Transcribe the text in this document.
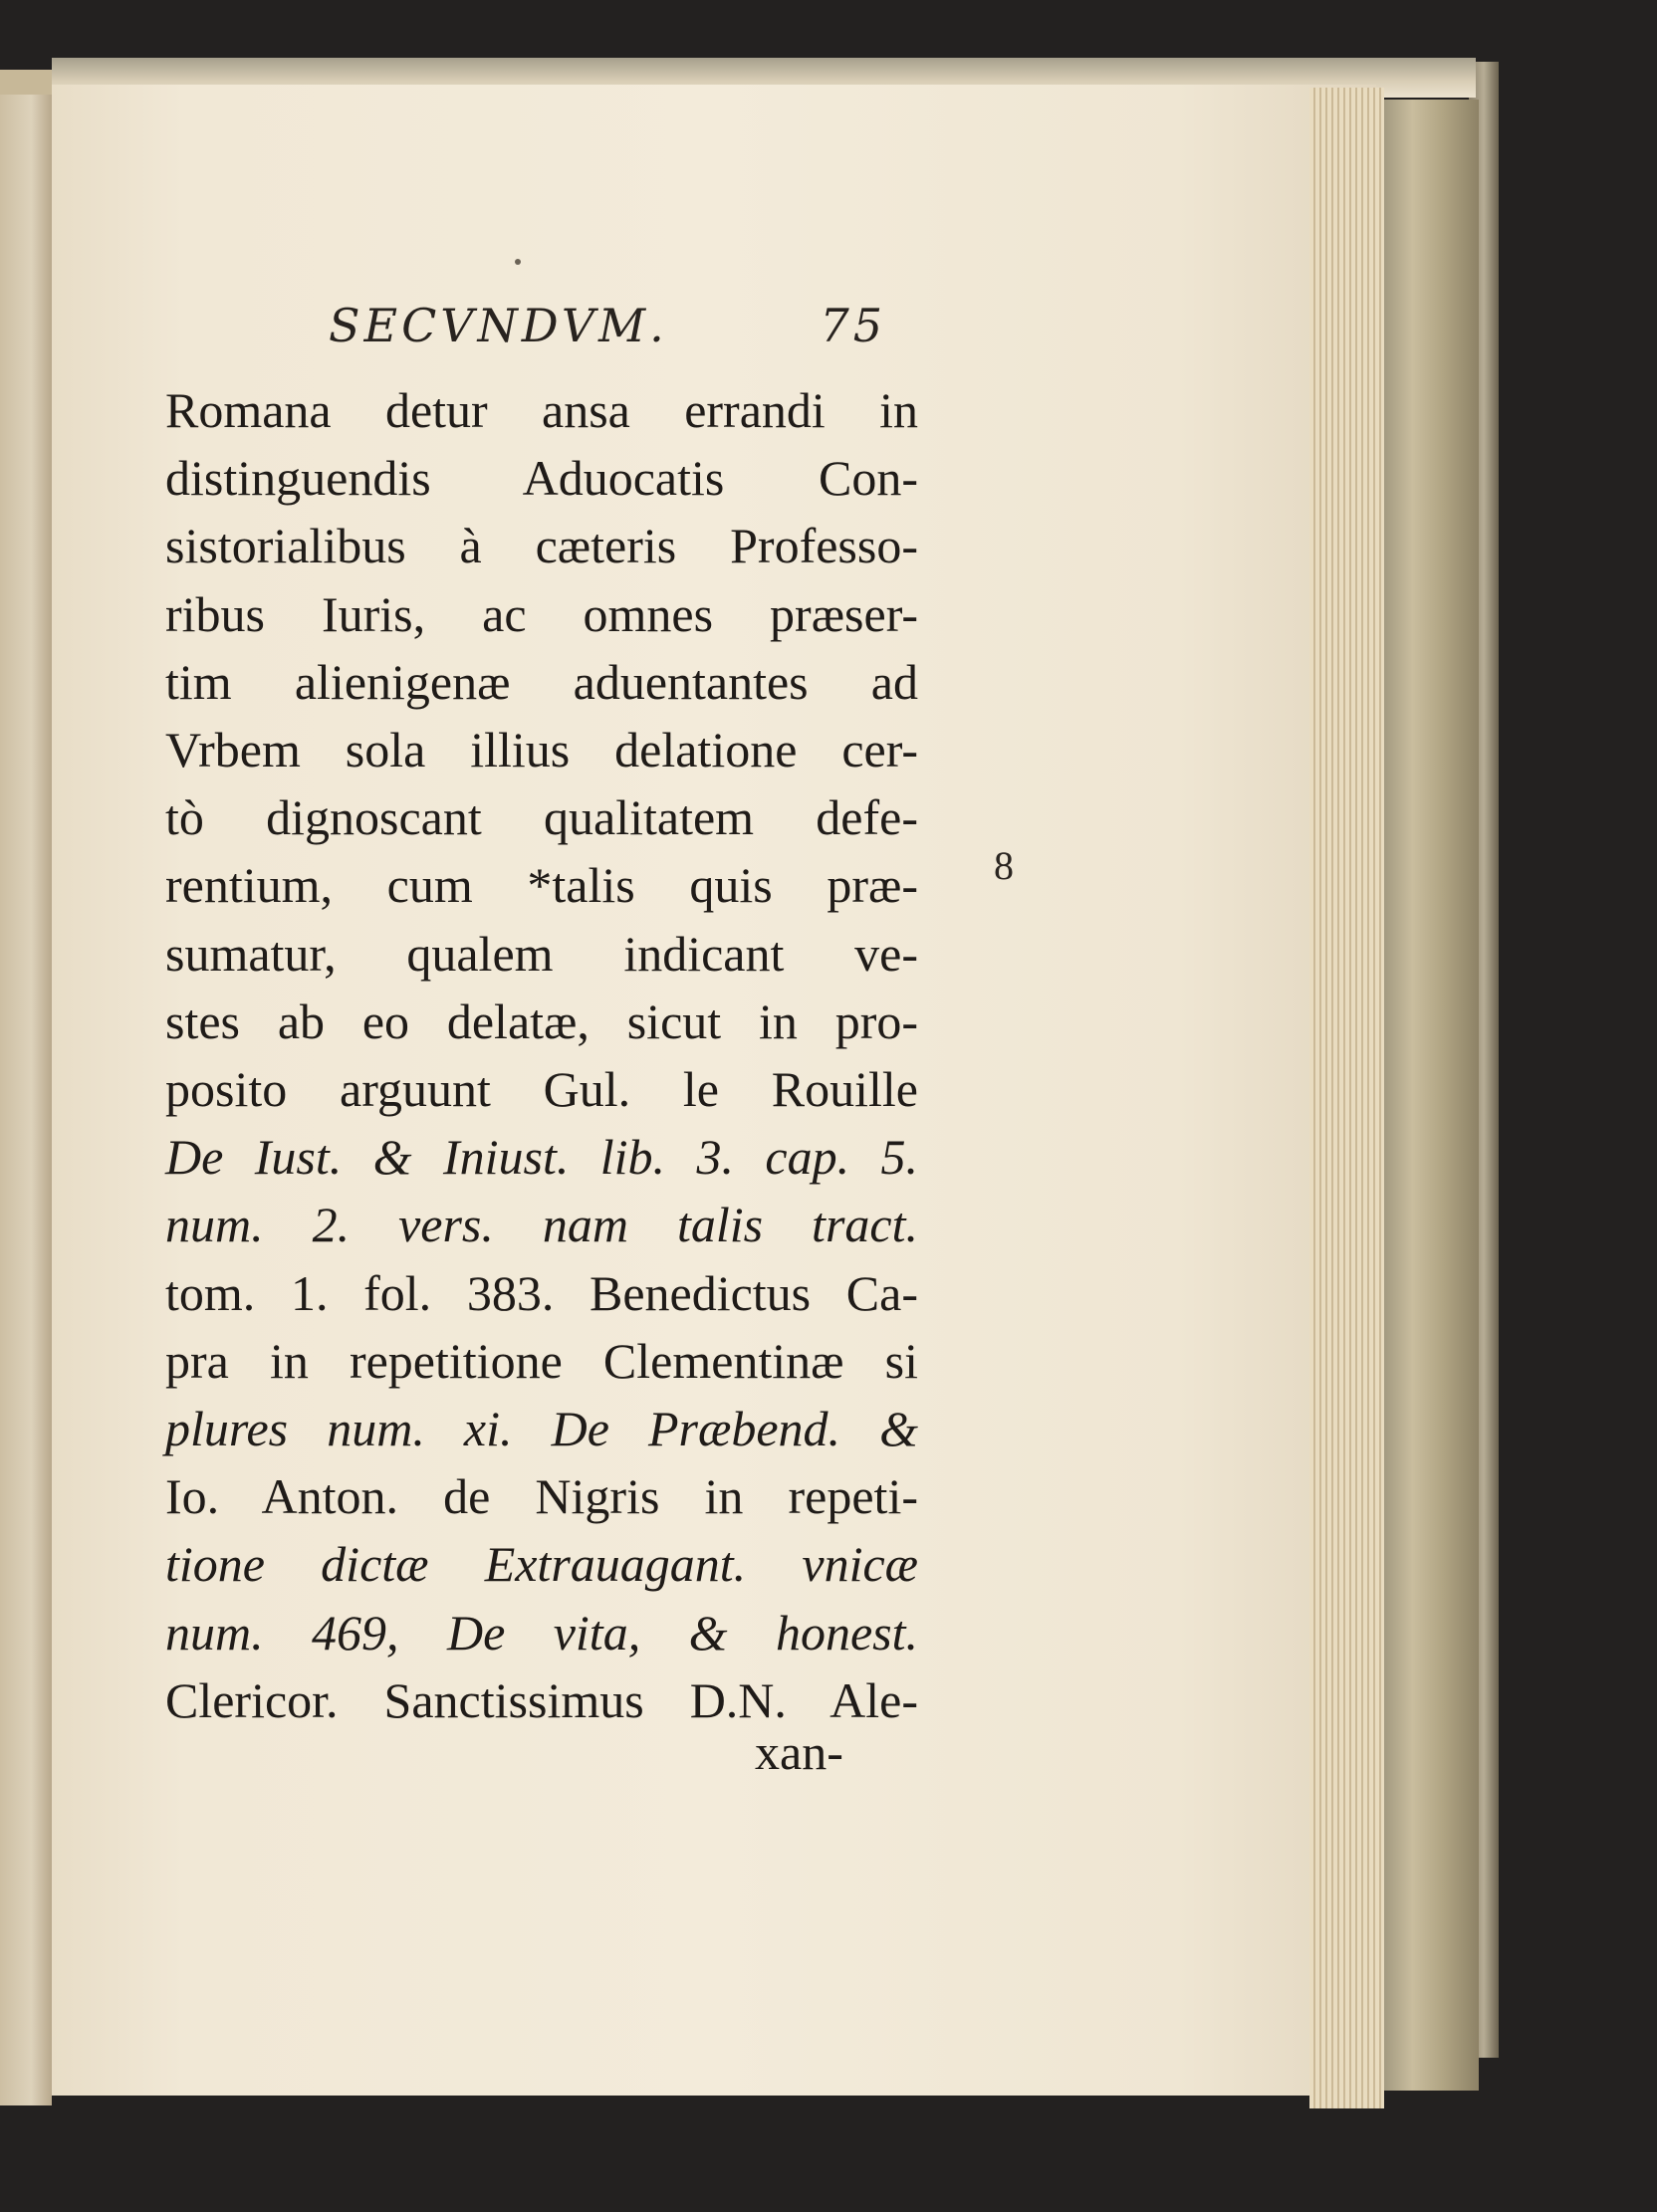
SECVNDVM.	75
Romana detur ansa errandi in
distinguendis Aduocatis Con-
sistorialibus à cæteris Professo-
ribus Iuris, ac omnes præser-
tim alienigenæ aduentantes ad
Vrbem sola illius delatione cer-
tò dignoscant qualitatem defe-
rentium, cum *talis quis præ-
sumatur, qualem indicant ve-
stes ab eo delatæ, sicut in pro-
posito arguunt Gul. le Rouille
De Iust. & Iniust. lib. 3. cap. 5.
num. 2. vers. nam talis tract.
tom. 1. fol. 383. Benedictus Ca-
pra in repetitione Clementinæ si
plures num. xi. De Præbend. &
Io. Anton. de Nigris in repeti-
tione dictæ Extrauagant. vnicæ
num. 469, De vita, & honest.
Clericor. Sanctissimus D.N. Ale-
xan-
8
